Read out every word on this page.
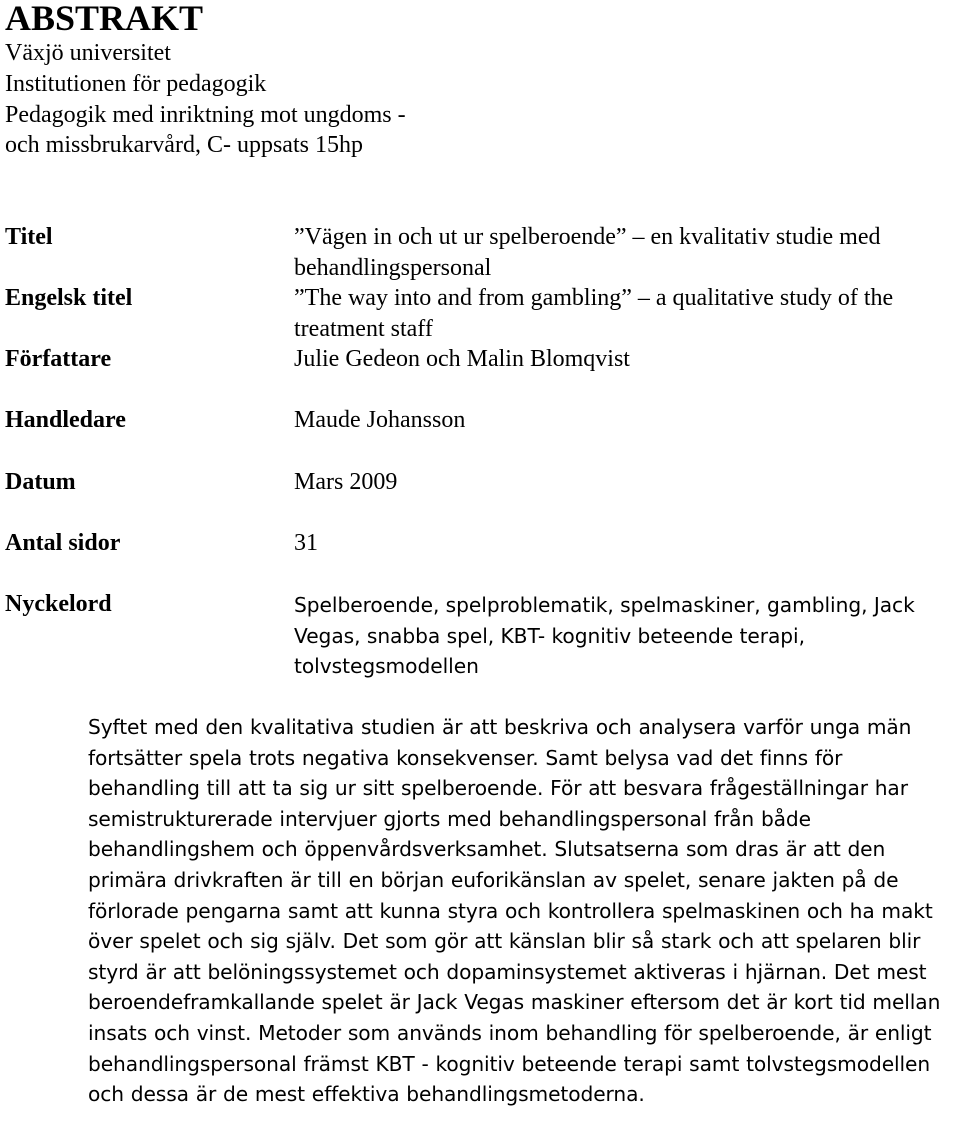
ABSTRAKT
Växjö universitet
Institutionen för pedagogik
Pedagogik med inriktning mot ungdoms -
och missbrukarvård, C- uppsats 15hp
Titel	”Vägen in och ut ur spelberoende” – en kvalitativ studie med behandlingspersonal
Engelsk titel	”The way into and from gambling” – a qualitative study of the treatment staff
Författare	Julie Gedeon och Malin Blomqvist
Handledare	Maude Johansson
Datum	Mars 2009
Antal sidor	31
Nyckelord	Spelberoende, spelproblematik, spelmaskiner, gambling, Jack Vegas, snabba spel, KBT- kognitiv beteende terapi, tolvstegsmodellen
Syftet med den kvalitativa studien är att beskriva och analysera varför unga män fortsätter spela trots negativa konsekvenser. Samt belysa vad det finns för behandling till att ta sig ur sitt spelberoende. För att besvara frågeställningar har semistrukturerade intervjuer gjorts med behandlingspersonal från både behandlingshem och öppenvårdsverksamhet. Slutsatserna som dras är att den primära drivkraften är till en början euforikänslan av spelet, senare jakten på de förlorade pengarna samt att kunna styra och kontrollera spelmaskinen och ha makt över spelet och sig själv. Det som gör att känslan blir så stark och att spelaren blir styrd är att belöningssystemet och dopaminsystemet aktiveras i hjärnan. Det mest beroendeframkallande spelet är Jack Vegas maskiner eftersom det är kort tid mellan insats och vinst. Metoder som används inom behandling för spelberoende, är enligt behandlingspersonal främst KBT - kognitiv beteende terapi samt tolvstegsmodellen och dessa är de mest effektiva behandlingsmetoderna.
